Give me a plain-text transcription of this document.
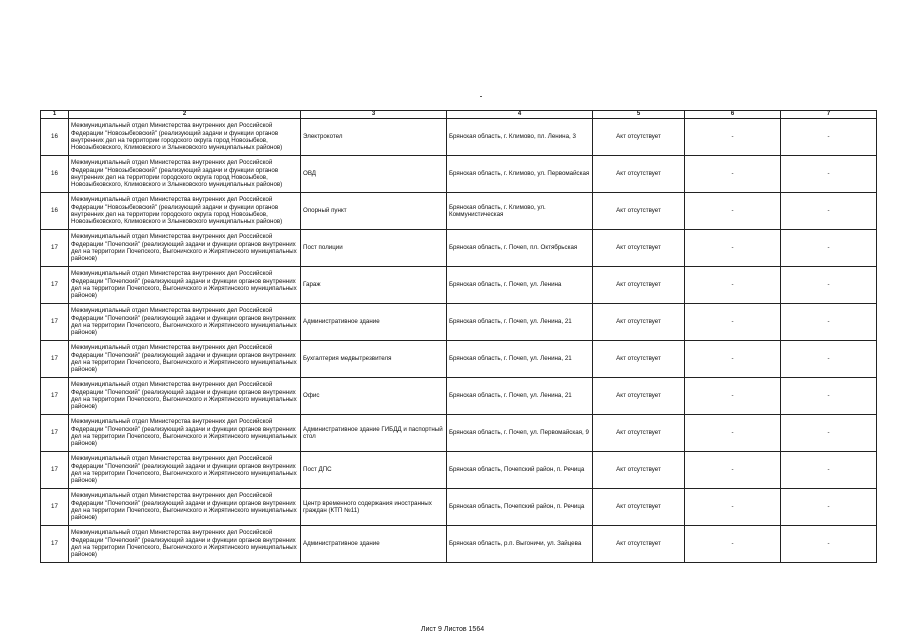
1	2	3	4	5	6	7
16	Межмуниципальный отдел Министерства внутренних дел Российской Федерации "Новозыбковский" (реализующий задачи и функции органов внутренних дел на территории городского округа город Новозыбков, Новозыбковского, Климовского и Злынковского муниципальных районов)	Электрокотел	Брянская область, г. Климово, пл. Ленина, 3	Акт отсутствует	-	-
16	Межмуниципальный отдел Министерства внутренних дел Российской Федерации "Новозыбковский" (реализующий задачи и функции органов внутренних дел на территории городского округа город Новозыбков, Новозыбковского, Климовского и Злынковского муниципальных районов)	ОВД	Брянская область, г. Климово, ул. Первомайская	Акт отсутствует	-	-
16	Межмуниципальный отдел Министерства внутренних дел Российской Федерации "Новозыбковский" (реализующий задачи и функции органов внутренних дел на территории городского округа город Новозыбков, Новозыбковского, Климовского и Злынковского муниципальных районов)	Опорный пункт	Брянская область, г. Климово, ул. Коммунистическая	Акт отсутствует	-	-
17	Межмуниципальный отдел Министерства внутренних дел Российской Федерации "Почепский" (реализующий задачи и функции органов внутренних дел на территории Почепского, Выгоничского и Жирятинского муниципальных районов)	Пост полиции	Брянская область, г. Почеп, пл. Октябрьская	Акт отсутствует	-	-
17	Межмуниципальный отдел Министерства внутренних дел Российской Федерации "Почепский" (реализующий задачи и функции органов внутренних дел на территории Почепского, Выгоничского и Жирятинского муниципальных районов)	Гараж	Брянская область, г. Почеп, ул. Ленина	Акт отсутствует	-	-
17	Межмуниципальный отдел Министерства внутренних дел Российской Федерации "Почепский" (реализующий задачи и функции органов внутренних дел на территории Почепского, Выгоничского и Жирятинского муниципальных районов)	Административное здание	Брянская область, г. Почеп, ул. Ленина, 21	Акт отсутствует	-	-
17	Межмуниципальный отдел Министерства внутренних дел Российской Федерации "Почепский" (реализующий задачи и функции органов внутренних дел на территории Почепского, Выгоничского и Жирятинского муниципальных районов)	Бухгалтерия медвытрезвителя	Брянская область, г. Почеп, ул. Ленина, 21	Акт отсутствует	-	-
17	Межмуниципальный отдел Министерства внутренних дел Российской Федерации "Почепский" (реализующий задачи и функции органов внутренних дел на территории Почепского, Выгоничского и Жирятинского муниципальных районов)	Офис	Брянская область, г. Почеп, ул. Ленина, 21	Акт отсутствует	-	-
17	Межмуниципальный отдел Министерства внутренних дел Российской Федерации "Почепский" (реализующий задачи и функции органов внутренних дел на территории Почепского, Выгоничского и Жирятинского муниципальных районов)	Административное здание ГИБДД и паспортный стол	Брянская область, г. Почеп, ул. Первомайская, 9	Акт отсутствует	-	-
17	Межмуниципальный отдел Министерства внутренних дел Российской Федерации "Почепский" (реализующий задачи и функции органов внутренних дел на территории Почепского, Выгоничского и Жирятинского муниципальных районов)	Пост ДПС	Брянская область, Почепский район, п. Речица	Акт отсутствует	-	-
17	Межмуниципальный отдел Министерства внутренних дел Российской Федерации "Почепский" (реализующий задачи и функции органов внутренних дел на территории Почепского, Выгоничского и Жирятинского муниципальных районов)	Центр временного содержания иностранных граждан (КТП №11)	Брянская область, Почепский район, п. Речица	Акт отсутствует	-	-
17	Межмуниципальный отдел Министерства внутренних дел Российской Федерации "Почепский" (реализующий задачи и функции органов внутренних дел на территории Почепского, Выгоничского и Жирятинского муниципальных районов)	Административное здание	Брянская область, р.п. Выгоничи, ул. Зайцева	Акт отсутствует	-	-
Лист 9 Листов 1564
